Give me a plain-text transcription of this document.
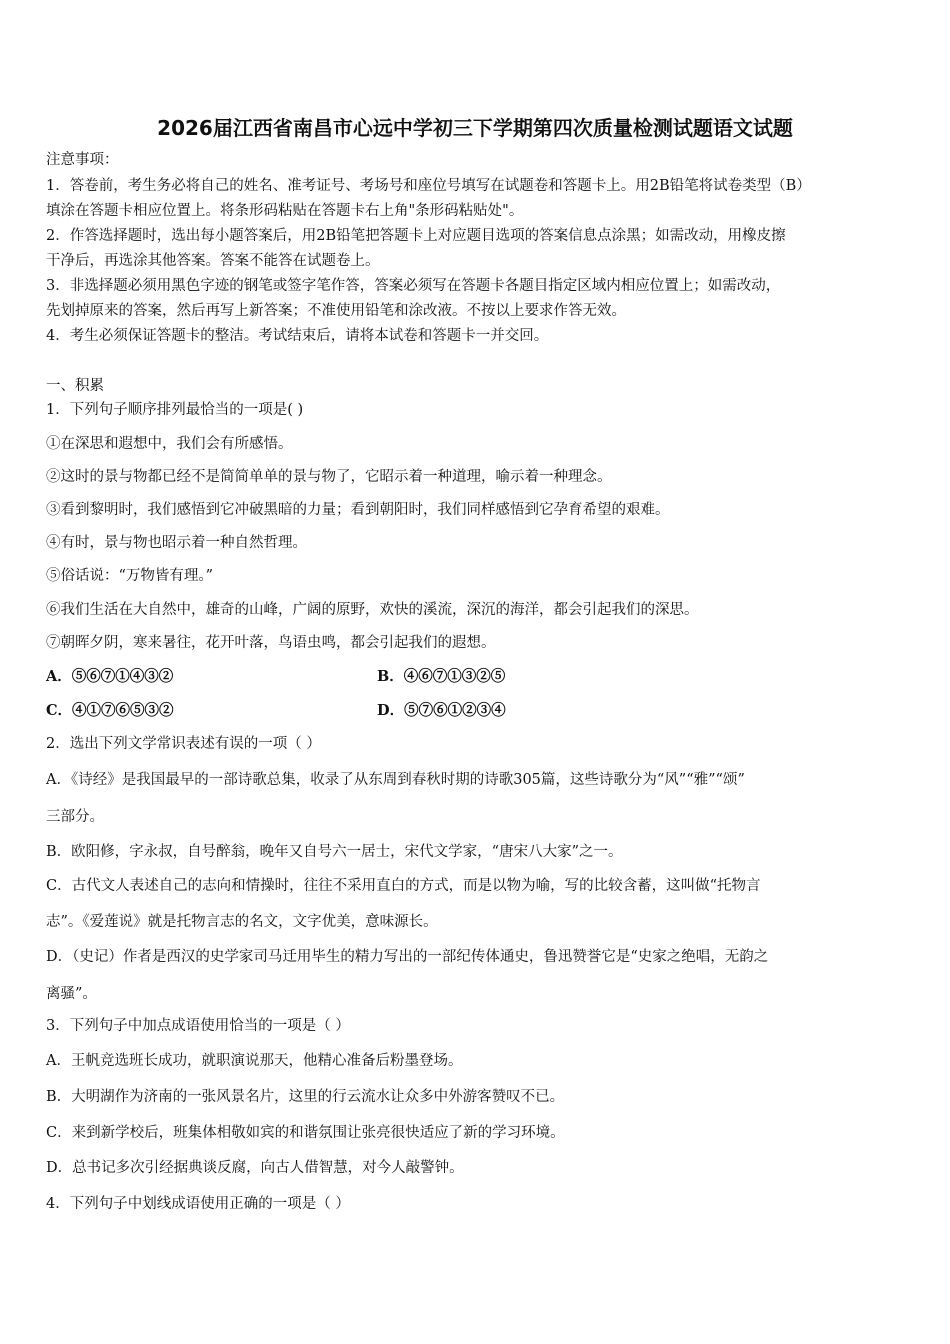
2026届江西省南昌市心远中学初三下学期第四次质量检测试题语文试题
注意事项：
1．答卷前，考生务必将自己的姓名、准考证号、考场号和座位号填写在试题卷和答题卡上。用2B铅笔将试卷类型（B）
填涂在答题卡相应位置上。将条形码粘贴在答题卡右上角"条形码粘贴处"。
2．作答选择题时，选出每小题答案后，用2B铅笔把答题卡上对应题目选项的答案信息点涂黑；如需改动，用橡皮擦
干净后，再选涂其他答案。答案不能答在试题卷上。
3．非选择题必须用黑色字迹的钢笔或签字笔作答，答案必须写在答题卡各题目指定区域内相应位置上；如需改动，
先划掉原来的答案，然后再写上新答案；不准使用铅笔和涂改液。不按以上要求作答无效。
4．考生必须保证答题卡的整洁。考试结束后，请将本试卷和答题卡一并交回。
一、积累
1．下列句子顺序排列最恰当的一项是( )
①在深思和遐想中，我们会有所感悟。
②这时的景与物都已经不是简简单单的景与物了，它昭示着一种道理，喻示着一种理念。
③看到黎明时，我们感悟到它冲破黑暗的力量；看到朝阳时，我们同样感悟到它孕育希望的艰难。
④有时，景与物也昭示着一种自然哲理。
⑤俗话说：“万物皆有理。”
⑥我们生活在大自然中，雄奇的山峰，广阔的原野，欢快的溪流，深沉的海洋，都会引起我们的深思。
⑦朝晖夕阴，寒来暑往，花开叶落，鸟语虫鸣，都会引起我们的遐想。
A．⑤⑥⑦①④③②	B．④⑥⑦①③②⑤
C．④①⑦⑥⑤③②	D．⑤⑦⑥①②③④
2．选出下列文学常识表述有误的一项（ ）
A．《诗经》是我国最早的一部诗歌总集，收录了从东周到春秋时期的诗歌305篇，这些诗歌分为“风”“雅”“颂”
三部分。
B．欧阳修，字永叔，自号醉翁，晚年又自号六一居士，宋代文学家，“唐宋八大家”之一。
C．古代文人表述自己的志向和情操时，往往不采用直白的方式，而是以物为喻，写的比较含蓄，这叫做“托物言
志”。《爱莲说》就是托物言志的名文，文字优美，意味源长。
D．（史记）作者是西汉的史学家司马迁用毕生的精力写出的一部纪传体通史，鲁迅赞誉它是“史家之绝唱，无韵之
离骚”。
3．下列句子中加点成语使用恰当的一项是（ ）
A．王帆竞选班长成功，就职演说那天，他精心准备后粉墨登场。
B．大明湖作为济南的一张风景名片，这里的行云流水让众多中外游客赞叹不已。
C．来到新学校后，班集体相敬如宾的和谐氛围让张亮很快适应了新的学习环境。
D．总书记多次引经据典谈反腐，向古人借智慧，对今人敲警钟。
4．下列句子中划线成语使用正确的一项是（ ）
